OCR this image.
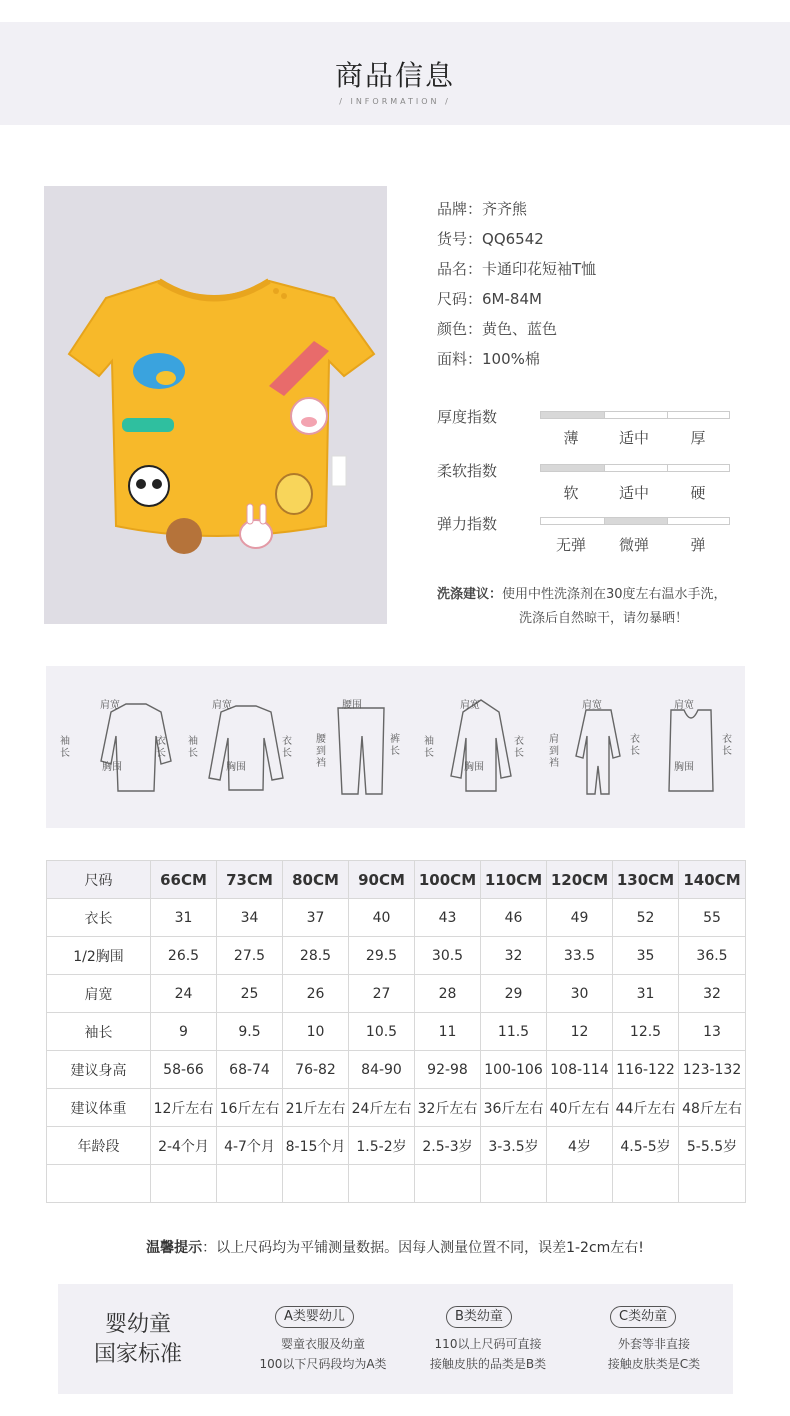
商品信息
/ INFORMATION /
品牌：齐齐熊
货号：QQ6542
品名：卡通印花短袖T恤
尺码：6M-84M
颜色：黄色、蓝色
面料：100%棉
厚度指数
薄	适中	厚
柔软指数
软	适中	硬
弹力指数
无弹	微弹	弹
洗涤建议：使用中性洗涤剂在30度左右温水手洗，
洗涤后自然晾干，请勿暴晒！
肩宽
袖长
衣长
胸围
肩宽
袖长
衣长
胸围
腰围
腰到裆
裤长
肩宽
袖长
衣长
胸围
肩宽
肩到裆
衣长
肩宽
衣长
胸围
尺码	66CM	73CM	80CM	90CM	100CM	110CM	120CM	130CM	140CM
衣长	31	34	37	40	43	46	49	52	55
1/2胸围	26.5	27.5	28.5	29.5	30.5	32	33.5	35	36.5
肩宽	24	25	26	27	28	29	30	31	32
袖长	9	9.5	10	10.5	11	11.5	12	12.5	13
建议身高	58-66	68-74	76-82	84-90	92-98	100-106	108-114	116-122	123-132
建议体重	12斤左右	16斤左右	21斤左右	24斤左右	32斤左右	36斤左右	40斤左右	44斤左右	48斤左右
年龄段	2-4个月	4-7个月	8-15个月	1.5-2岁	2.5-3岁	3-3.5岁	4岁	4.5-5岁	5-5.5岁

温馨提示：以上尺码均为平铺测量数据。因每人测量位置不同，误差1-2cm左右!
婴幼童
国家标准
A类婴幼儿
婴童衣服及幼童
100以下尺码段均为A类
B类幼童
110以上尺码可直接
接触皮肤的品类是B类
C类幼童
外套等非直接
接触皮肤类是C类
